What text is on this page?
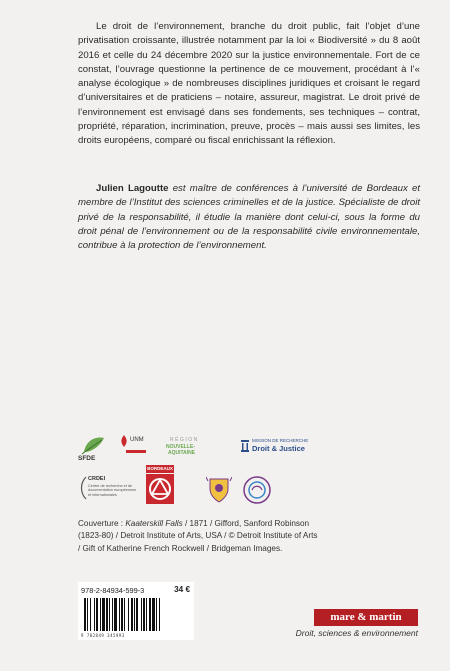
Le droit de l’environnement, branche du droit public, fait l’objet d’une privatisation croissante, illustrée notamment par la loi « Biodiversité » du 8 août 2016 et celle du 24 décembre 2020 sur la justice environnementale. Fort de ce constat, l’ouvrage questionne la pertinence de ce mouvement, procédant à l’« analyse écologique » de nombreuses disciplines juridiques et croisant le regard d’universitaires et de praticiens – notaire, assureur, magistrat. Le droit privé de l’environnement est envisagé dans ses fondements, ses techniques – contrat, propriété, réparation, incrimination, preuve, procès – mais aussi ses limites, les droits européens, comparé ou fiscal enrichissant la réflexion.

Julien Lagoutte est maître de conférences à l’université de Bordeaux et membre de l’Institut des sciences criminelles et de la justice. Spécialiste de droit privé de la responsabilité, il étudie la manière dont celui-ci, sous la forme du droit pénal de l’environnement ou de la responsabilité civile environnementale, contribue à la protection de l’environnement.

SFDE
UNM	RÉGION
NOUVELLE-
AQUITAINE
MISSION DE RECHERCHE
Droit & Justice
CRDEI
Centre de recherche et de documentation européennes et internationales
BORDEAUX
Couverture : Kaaterskill Falls / 1871 / Gifford, Sanford Robinson
(1823-80) / Detroit Institute of Arts, USA / © Detroit Institute of Arts
/ Gift of Katherine French Rockwell / Bridgeman Images.
978-2-84934-599-3	34 €
9 782849 345993
mare & martin
Droit, sciences & environnement
